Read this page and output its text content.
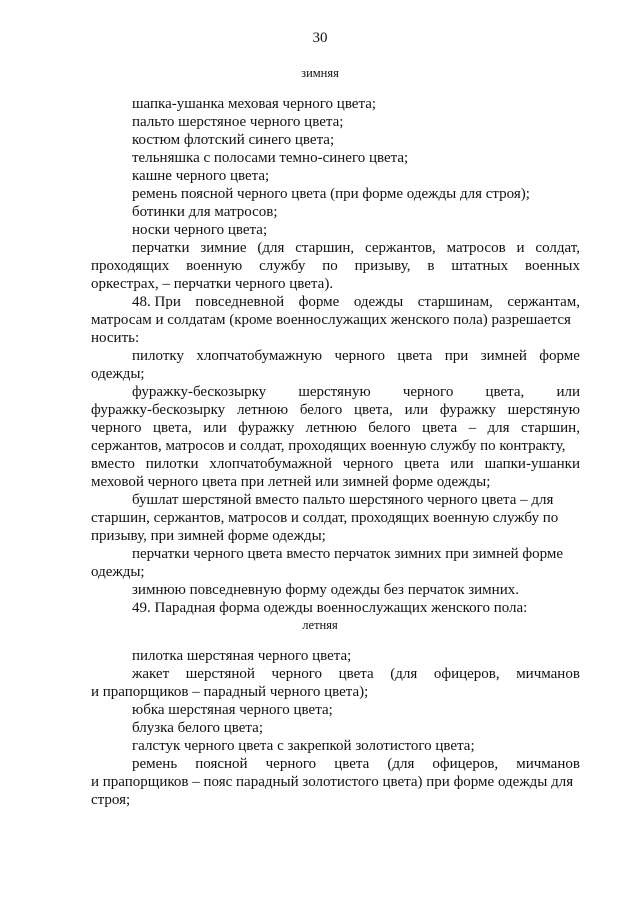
30
зимняя
шапка-ушанка меховая черного цвета;
пальто шерстяное черного цвета;
костюм флотский синего цвета;
тельняшка с полосами темно-синего цвета;
кашне черного цвета;
ремень поясной черного цвета (при форме одежды для строя);
ботинки для матросов;
носки черного цвета;
перчатки зимние (для старшин, сержантов, матросов и солдат,
проходящих военную службу по призыву, в штатных военных
оркестрах, – перчатки черного цвета).
48. При повседневной форме одежды старшинам, сержантам,
матросам и солдатам (кроме военнослужащих женского пола) разрешается
носить:
пилотку хлопчатобумажную черного цвета при зимней форме
одежды;
фуражку-бескозырку шерстяную черного цвета, или
фуражку-бескозырку летнюю белого цвета, или фуражку шерстяную
черного цвета, или фуражку летнюю белого цвета – для старшин,
сержантов, матросов и солдат, проходящих военную службу по контракту,
вместо пилотки хлопчатобумажной черного цвета или шапки-ушанки
меховой черного цвета при летней или зимней форме одежды;
бушлат шерстяной вместо пальто шерстяного черного цвета – для
старшин, сержантов, матросов и солдат, проходящих военную службу по
призыву, при зимней форме одежды;
перчатки черного цвета вместо перчаток зимних при зимней форме
одежды;
зимнюю повседневную форму одежды без перчаток зимних.
49. Парадная форма одежды военнослужащих женского пола:
летняя
пилотка шерстяная черного цвета;
жакет шерстяной черного цвета (для офицеров, мичманов
и прапорщиков – парадный черного цвета);
юбка шерстяная черного цвета;
блузка белого цвета;
галстук черного цвета с закрепкой золотистого цвета;
ремень поясной черного цвета (для офицеров, мичманов
и прапорщиков – пояс парадный золотистого цвета) при форме одежды для
строя;
